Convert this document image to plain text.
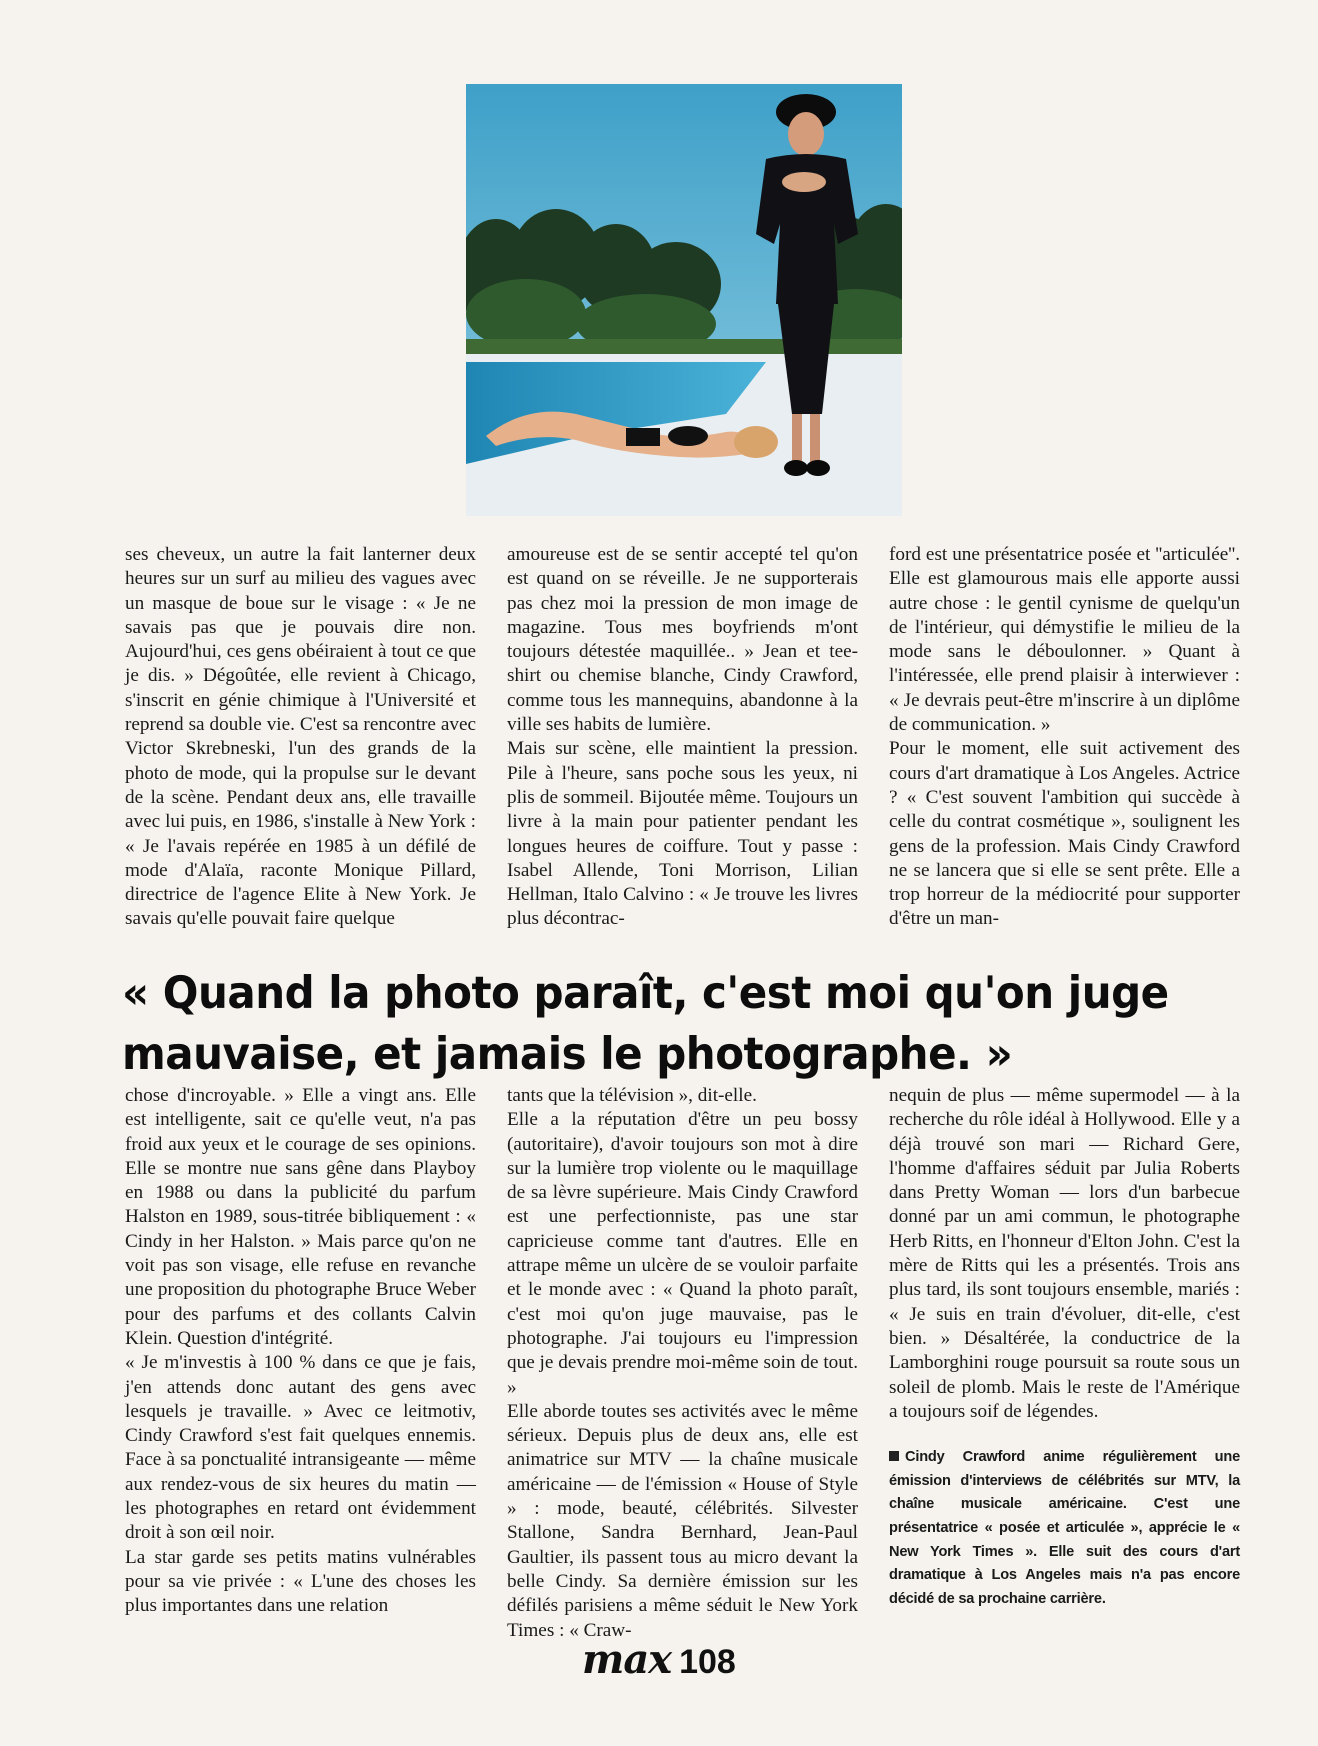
ses cheveux, un autre la fait lanterner deux heures sur un surf au milieu des vagues avec un masque de boue sur le visage : « Je ne savais pas que je pouvais dire non. Aujourd'hui, ces gens obéiraient à tout ce que je dis. » Dégoûtée, elle revient à Chicago, s'inscrit en génie chimique à l'Université et reprend sa double vie. C'est sa rencontre avec Victor Skrebneski, l'un des grands de la photo de mode, qui la propulse sur le devant de la scène. Pendant deux ans, elle travaille avec lui puis, en 1986, s'installe à New York : « Je l'avais repérée en 1985 à un défilé de mode d'Alaïa, raconte Monique Pillard, directrice de l'agence Elite à New York. Je savais qu'elle pouvait faire quelque

amoureuse est de se sentir accepté tel qu'on est quand on se réveille. Je ne supporterais pas chez moi la pression de mon image de magazine. Tous mes boyfriends m'ont toujours détestée maquillée.. » Jean et tee-shirt ou chemise blanche, Cindy Crawford, comme tous les mannequins, abandonne à la ville ses habits de lumière.

Mais sur scène, elle maintient la pression. Pile à l'heure, sans poche sous les yeux, ni plis de sommeil. Bijoutée même. Toujours un livre à la main pour patienter pendant les longues heures de coiffure. Tout y passe : Isabel Allende, Toni Morrison, Lilian Hellman, Italo Calvino : « Je trouve les livres plus décontrac-

ford est une présentatrice posée et ''articulée''. Elle est glamourous mais elle apporte aussi autre chose : le gentil cynisme de quelqu'un de l'intérieur, qui démystifie le milieu de la mode sans le déboulonner. » Quant à l'intéressée, elle prend plaisir à interwiever : « Je devrais peut-être m'inscrire à un diplôme de communication. »

Pour le moment, elle suit activement des cours d'art dramatique à Los Angeles. Actrice ? « C'est souvent l'ambition qui succède à celle du contrat cosmétique », soulignent les gens de la profession. Mais Cindy Crawford ne se lancera que si elle se sent prête. Elle a trop horreur de la médiocrité pour supporter d'être un man-

« Quand la photo paraît, c'est moi qu'on juge mauvaise, et jamais le photographe. »

chose d'incroyable. » Elle a vingt ans. Elle est intelligente, sait ce qu'elle veut, n'a pas froid aux yeux et le courage de ses opinions. Elle se montre nue sans gêne dans Playboy en 1988 ou dans la publicité du parfum Halston en 1989, sous-titrée bibliquement : « Cindy in her Halston. » Mais parce qu'on ne voit pas son visage, elle refuse en revanche une proposition du photographe Bruce Weber pour des parfums et des collants Calvin Klein. Question d'intégrité.

« Je m'investis à 100 % dans ce que je fais, j'en attends donc autant des gens avec lesquels je travaille. » Avec ce leitmotiv, Cindy Crawford s'est fait quelques ennemis. Face à sa ponctualité intransigeante — même aux rendez-vous de six heures du matin — les photographes en retard ont évidemment droit à son œil noir.

La star garde ses petits matins vulnérables pour sa vie privée : « L'une des choses les plus importantes dans une relation

tants que la télévision », dit-elle.

Elle a la réputation d'être un peu bossy (autoritaire), d'avoir toujours son mot à dire sur la lumière trop violente ou le maquillage de sa lèvre supérieure. Mais Cindy Crawford est une perfectionniste, pas une star capricieuse comme tant d'autres. Elle en attrape même un ulcère de se vouloir parfaite et le monde avec : « Quand la photo paraît, c'est moi qu'on juge mauvaise, pas le photographe. J'ai toujours eu l'impression que je devais prendre moi-même soin de tout. »

Elle aborde toutes ses activités avec le même sérieux. Depuis plus de deux ans, elle est animatrice sur MTV — la chaîne musicale américaine — de l'émission « House of Style » : mode, beauté, célébrités. Silvester Stallone, Sandra Bernhard, Jean-Paul Gaultier, ils passent tous au micro devant la belle Cindy. Sa dernière émission sur les défilés parisiens a même séduit le New York Times : « Craw-

nequin de plus — même supermodel — à la recherche du rôle idéal à Hollywood. Elle y a déjà trouvé son mari — Richard Gere, l'homme d'affaires séduit par Julia Roberts dans Pretty Woman — lors d'un barbecue donné par un ami commun, le photographe Herb Ritts, en l'honneur d'Elton John. C'est la mère de Ritts qui les a présentés. Trois ans plus tard, ils sont toujours ensemble, mariés : « Je suis en train d'évoluer, dit-elle, c'est bien. » Désaltérée, la conductrice de la Lamborghini rouge poursuit sa route sous un soleil de plomb. Mais le reste de l'Amérique a toujours soif de légendes.

Cindy Crawford anime régulièrement une émission d'interviews de célébrités sur MTV, la chaîne musicale américaine. C'est une présentatrice « posée et articulée », apprécie le « New York Times ». Elle suit des cours d'art dramatique à Los Angeles mais n'a pas encore décidé de sa prochaine carrière.
max 108
